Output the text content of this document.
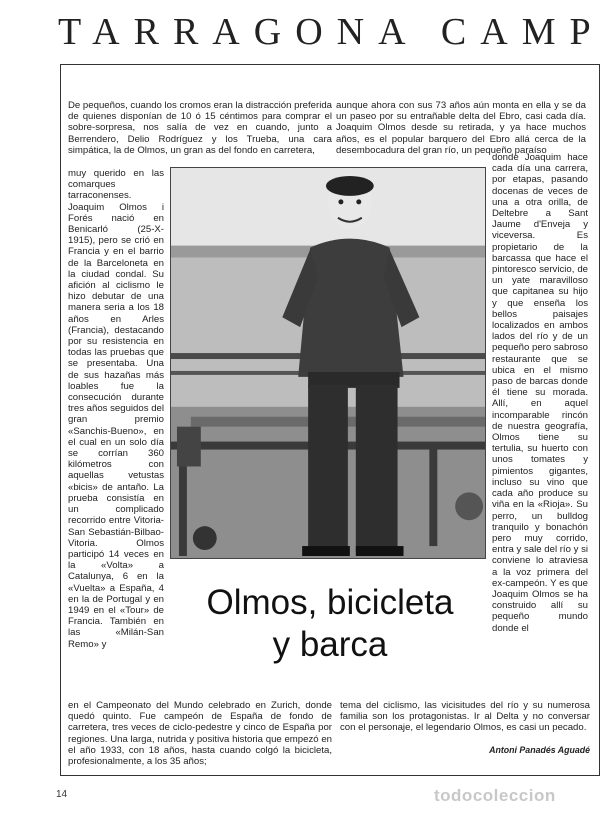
TARRAGONA CAMP

De pequeños, cuando los cromos eran la distracción preferida de quienes disponían de 10 ó 15 céntimos para comprar el sobre-sorpresa, nos salía de vez en cuando, junto a Berrendero, Delio Rodríguez y los Trueba, una cara simpática, la de Olmos, un gran as del fondo en carretera,

muy querido en las comarques tarraconenses. Joaquim Olmos i Forés nació en Benicarló (25-X-1915), pero se crió en Francia y en el barrio de la Barceloneta en la ciudad condal. Su afición al ciclismo le hizo debutar de una manera seria a los 18 años en Arles (Francia), destacando por su resistencia en todas las pruebas que se presentaba. Una de sus hazañas más loables fue la consecución durante tres años seguidos del gran premio «Sanchis-Bueno», en el cual en un solo día se corrían 360 kilómetros con aquellas vetustas «bicis» de antaño. La prueba consistía en un complicado recorrido entre Vitoria-San Sebastián-Bilbao-Vitoria. Olmos participó 14 veces en la «Volta» a Catalunya, 6 en la «Vuelta» a España, 4 en la de Portugal y en 1949 en el «Tour» de Francia. También en las «Milán-San Remo» y

aunque ahora con sus 73 años aún monta en ella y se da un paseo por su entrañable delta del Ebro, casi cada día. Joaquim Olmos desde su retirada, y ya hace muchos años, es el popular barquero del Ebro allá cerca de la desembocadura del gran río, un pequeño paraíso

donde Joaquim hace cada día una carrera, por etapas, pasando docenas de veces de una a otra orilla, de Deltebre a Sant Jaume d'Enveja y viceversa. Es propietario de la barcassa que hace el pintoresco servicio, de un yate maravilloso que capitanea su hijo y que enseña los bellos paisajes localizados en ambos lados del río y de un pequeño pero sabroso restaurante que se ubica en el mismo paso de barcas donde él tiene su morada. Allí, en aquel incomparable rincón de nuestra geografía, Olmos tiene su tertulia, su huerto con unos tomates y pimientos gigantes, incluso su vino que cada año produce su viña en la «Rioja». Su perro, un bulldog tranquilo y bonachón pero muy corrido, entra y sale del río y si conviene lo atraviesa a la voz primera del ex-campeón. Y es que Joaquim Olmos se ha construido allí su pequeño mundo donde el

en el Campeonato del Mundo celebrado en Zurich, donde quedó quinto. Fue campeón de España de fondo de carretera, tres veces de ciclo-pedestre y cinco de España por regiones. Una larga, nutrida y positiva historia que empezó en el año 1933, con 18 años, hasta cuando colgó la bicicleta, profesionalmente, a los 35 años;

tema del ciclismo, las vicisitudes del río y su numerosa familia son los protagonistas. Ir al Delta y no conversar con el personaje, el legendario Olmos, es casi un pecado.

Olmos, bicicleta
y barca
Antoni Panadés Aguadé
14	todocoleccion
